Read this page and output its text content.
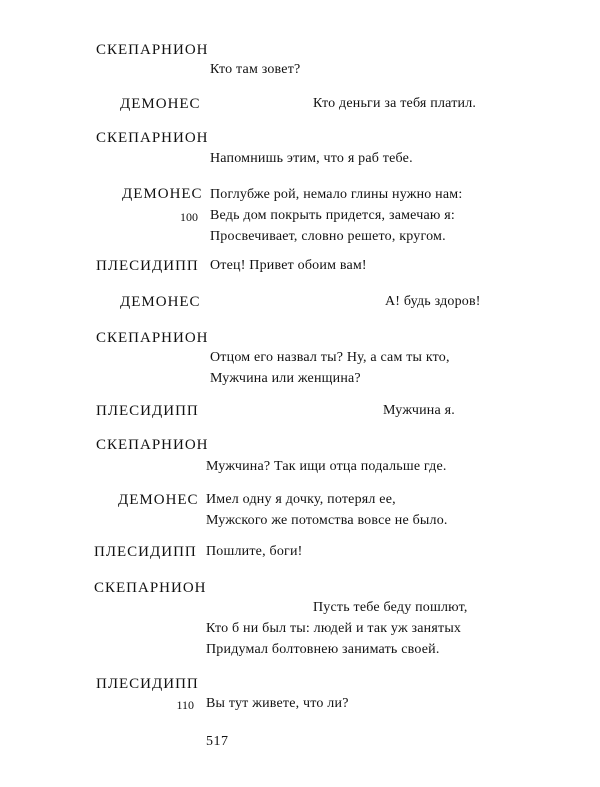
СКЕПАРНИОН
Кто там зовет?
ДЕМОНЕС	Кто деньги за тебя платил.
СКЕПАРНИОН
Напомнишь этим, что я раб тебе.
ДЕМОНЕС Поглубже рой, немало глины нужно нам:
100 Ведь дом покрыть придется, замечаю я:
Просвечивает, словно решето, кругом.
ПЛЕСИДИПП Отец! Привет обоим вам!
ДЕМОНЕС	А! будь здоров!
СКЕПАРНИОН
Отцом его назвал ты? Ну, а сам ты кто,
Мужчина или женщина?
ПЛЕСИДИПП	Мужчина я.
СКЕПАРНИОН
Мужчина? Так ищи отца подальше где.
ДЕМОНЕС Имел одну я дочку, потерял ее,
Мужского же потомства вовсе не было.
ПЛЕСИДИПП Пошлите, боги!
СКЕПАРНИОН
Пусть тебе беду пошлют,
Кто б ни был ты: людей и так уж занятых
Придумал болтовнею занимать своей.
ПЛЕСИДИПП
110 Вы тут живете, что ли?
517
